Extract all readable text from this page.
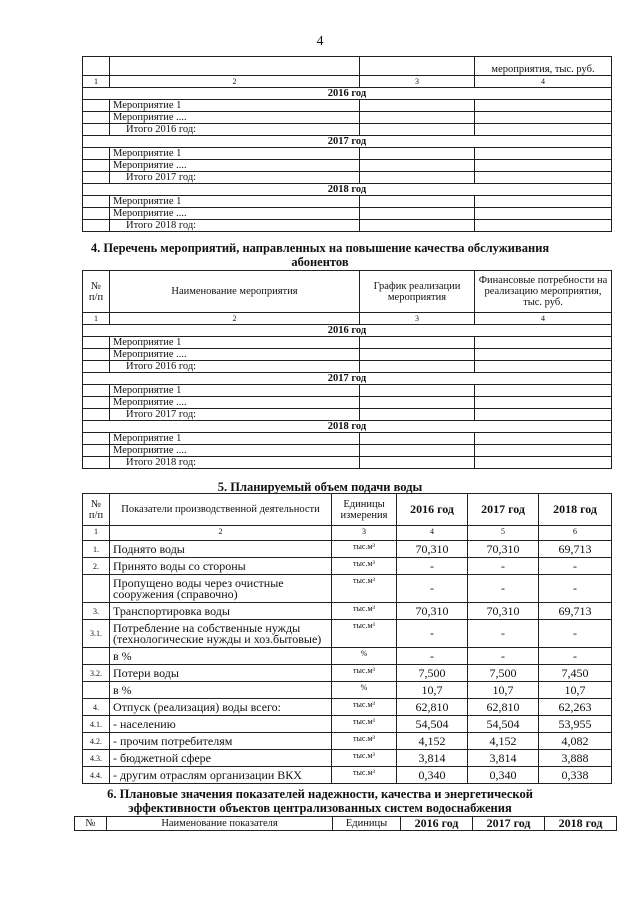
4
			мероприятия, тыс. руб.
1	2	3	4
2016 год			
	Мероприятие 1		
	Мероприятие ....		
	Итого 2016 год:		
2017 год			
	Мероприятие 1		
	Мероприятие ....		
	Итого 2017 год:		
2018 год			
	Мероприятие 1		
	Мероприятие ....		
	Итого 2018 год:		
4. Перечень мероприятий, направленных на повышение качества обслуживания
абонентов
№ п/п	Наименование мероприятия	График реализации мероприятия	Финансовые потребности на реализацию мероприятия, тыс. руб.
1	2	3	4
2016 год			
	Мероприятие 1		
	Мероприятие ....		
	Итого 2016 год:		
2017 год			
	Мероприятие 1		
	Мероприятие ....		
	Итого 2017 год:		
2018 год			
	Мероприятие 1		
	Мероприятие ....		
	Итого 2018 год:		
5. Планируемый объем подачи воды
№ п/п	Показатели производственной деятельности	Единицы измерения	2016 год	2017 год	2018 год
1	2	3	4	5	6
1.	Поднято воды	тыс.м³	70,310	70,310	69,713
2.	Принято воды со стороны	тыс.м³	-	-	-
	Пропущено воды через очистные сооружения (справочно)	тыс.м³	-	-	-
3.	Транспортировка воды	тыс.м³	70,310	70,310	69,713
3.1.	Потребление на собственные нужды (технологические нужды и хоз.бытовые)	тыс.м³	-	-	-
	в %	%	-	-	-
3.2.	Потери воды	тыс.м³	7,500	7,500	7,450
	в %	%	10,7	10,7	10,7
4.	Отпуск (реализация) воды всего:	тыс.м³	62,810	62,810	62,263
4.1.	- населению	тыс.м³	54,504	54,504	53,955
4.2.	- прочим потребителям	тыс.м³	4,152	4,152	4,082
4.3.	- бюджетной сфере	тыс.м³	3,814	3,814	3,888
4.4.	- другим отраслям организации ВКХ	тыс.м³	0,340	0,340	0,338
6. Плановые значения показателей надежности, качества и энергетической
эффективности объектов централизованных систем водоснабжения
№	Наименование показателя	Единицы	2016 год	2017 год	2018 год
